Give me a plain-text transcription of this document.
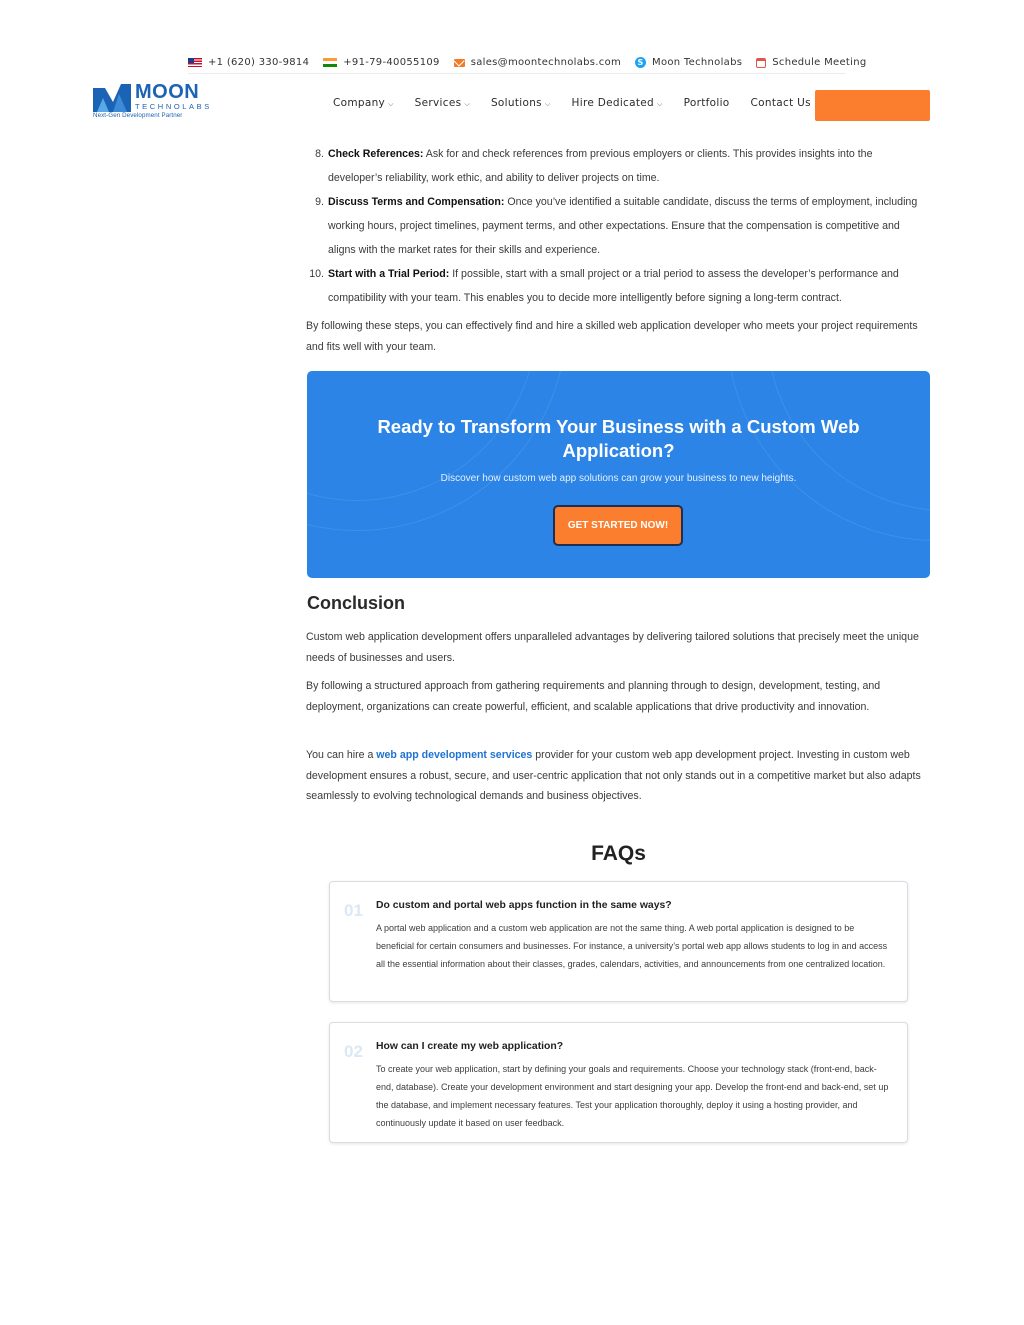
+1 (620) 330-9814	+91-79-40055109	sales@moontechnolabs.com	S Moon Technolabs	Schedule Meeting
MOON
TECHNOLABS
Next-Gen Development Partner
Company ⌵ Services ⌵ Solutions ⌵ Hire Dedicated ⌵ Portfolio Contact Us
8. Check References: Ask for and check references from previous employers or clients. This provides insights into the developer’s reliability, work ethic, and ability to deliver projects on time.
9. Discuss Terms and Compensation: Once you’ve identified a suitable candidate, discuss the terms of employment, including working hours, project timelines, payment terms, and other expectations. Ensure that the compensation is competitive and aligns with the market rates for their skills and experience.
10. Start with a Trial Period: If possible, start with a small project or a trial period to assess the developer’s performance and compatibility with your team. This enables you to decide more intelligently before signing a long-term contract.

By following these steps, you can effectively find and hire a skilled web application developer who meets your project requirements and fits well with your team.

Ready to Transform Your Business with a Custom Web Application?

Discover how custom web app solutions can grow your business to new heights.

GET STARTED NOW!
Conclusion

Custom web application development offers unparalleled advantages by delivering tailored solutions that precisely meet the unique needs of businesses and users.

By following a structured approach from gathering requirements and planning through to design, development, testing, and deployment, organizations can create powerful, efficient, and scalable applications that drive productivity and innovation.

You can hire a web app development services provider for your custom web app development project. Investing in custom web development ensures a robust, secure, and user-centric application that not only stands out in a competitive market but also adapts seamlessly to evolving technological demands and business objectives.

FAQs
01 Do custom and portal web apps function in the same ways?

A portal web application and a custom web application are not the same thing. A web portal application is designed to be beneficial for certain consumers and businesses. For instance, a university’s portal web app allows students to log in and access all the essential information about their classes, grades, calendars, activities, and announcements from one centralized location.

02 How can I create my web application?

To create your web application, start by defining your goals and requirements. Choose your technology stack (front-end, back-end, database). Create your development environment and start designing your app. Develop the front-end and back-end, set up the database, and implement necessary features. Test your application thoroughly, deploy it using a hosting provider, and continuously update it based on user feedback.
